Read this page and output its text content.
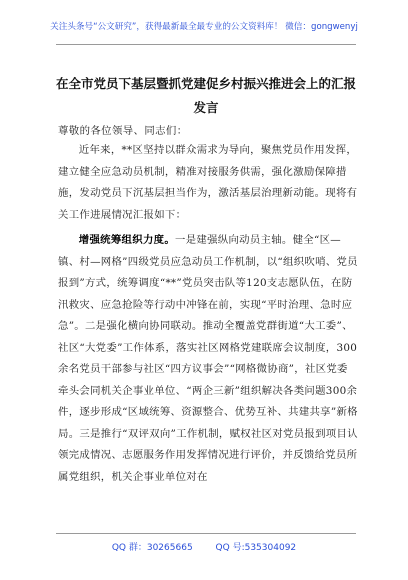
关注头条号“公文研究”，获得最新最全最专业的公文资料库！ 微信：gongwenyj
在全市党员下基层暨抓党建促乡村振兴推进会上的汇报发言
尊敬的各位领导、同志们：

近年来，**区坚持以群众需求为导向，聚焦党员作用发挥，建立健全应急动员机制，精准对接服务供需，强化激励保障措施，发动党员下沉基层担当作为，激活基层治理新动能。现将有关工作进展情况汇报如下：

增强统筹组织力度。一是建强纵向动员主轴。健全“区—镇、村—网格”四级党员应急动员工作机制，以“组织吹哨、党员报到”方式，统筹调度“**”党员突击队等120支志愿队伍，在防汛救灾、应急抢险等行动中冲锋在前，实现“平时治理、急时应急”。二是强化横向协同联动。推动全覆盖党群街道“大工委”、社区“大党委”工作体系，落实社区网格党建联席会议制度，300余名党员干部参与社区“四方议事会”“网格微协商”，社区党委牵头会同机关企事业单位、“两企三新”组织解决各类问题300余件，逐步形成“区域统筹、资源整合、优势互补、共建共享”新格局。三是推行“双评双向”工作机制，赋权社区对党员报到项目认领完成情况、志愿服务作用发挥情况进行评价，并反馈给党员所属党组织，机关企事业单位对在

QQ 群：30265665	QQ 号:535304092
